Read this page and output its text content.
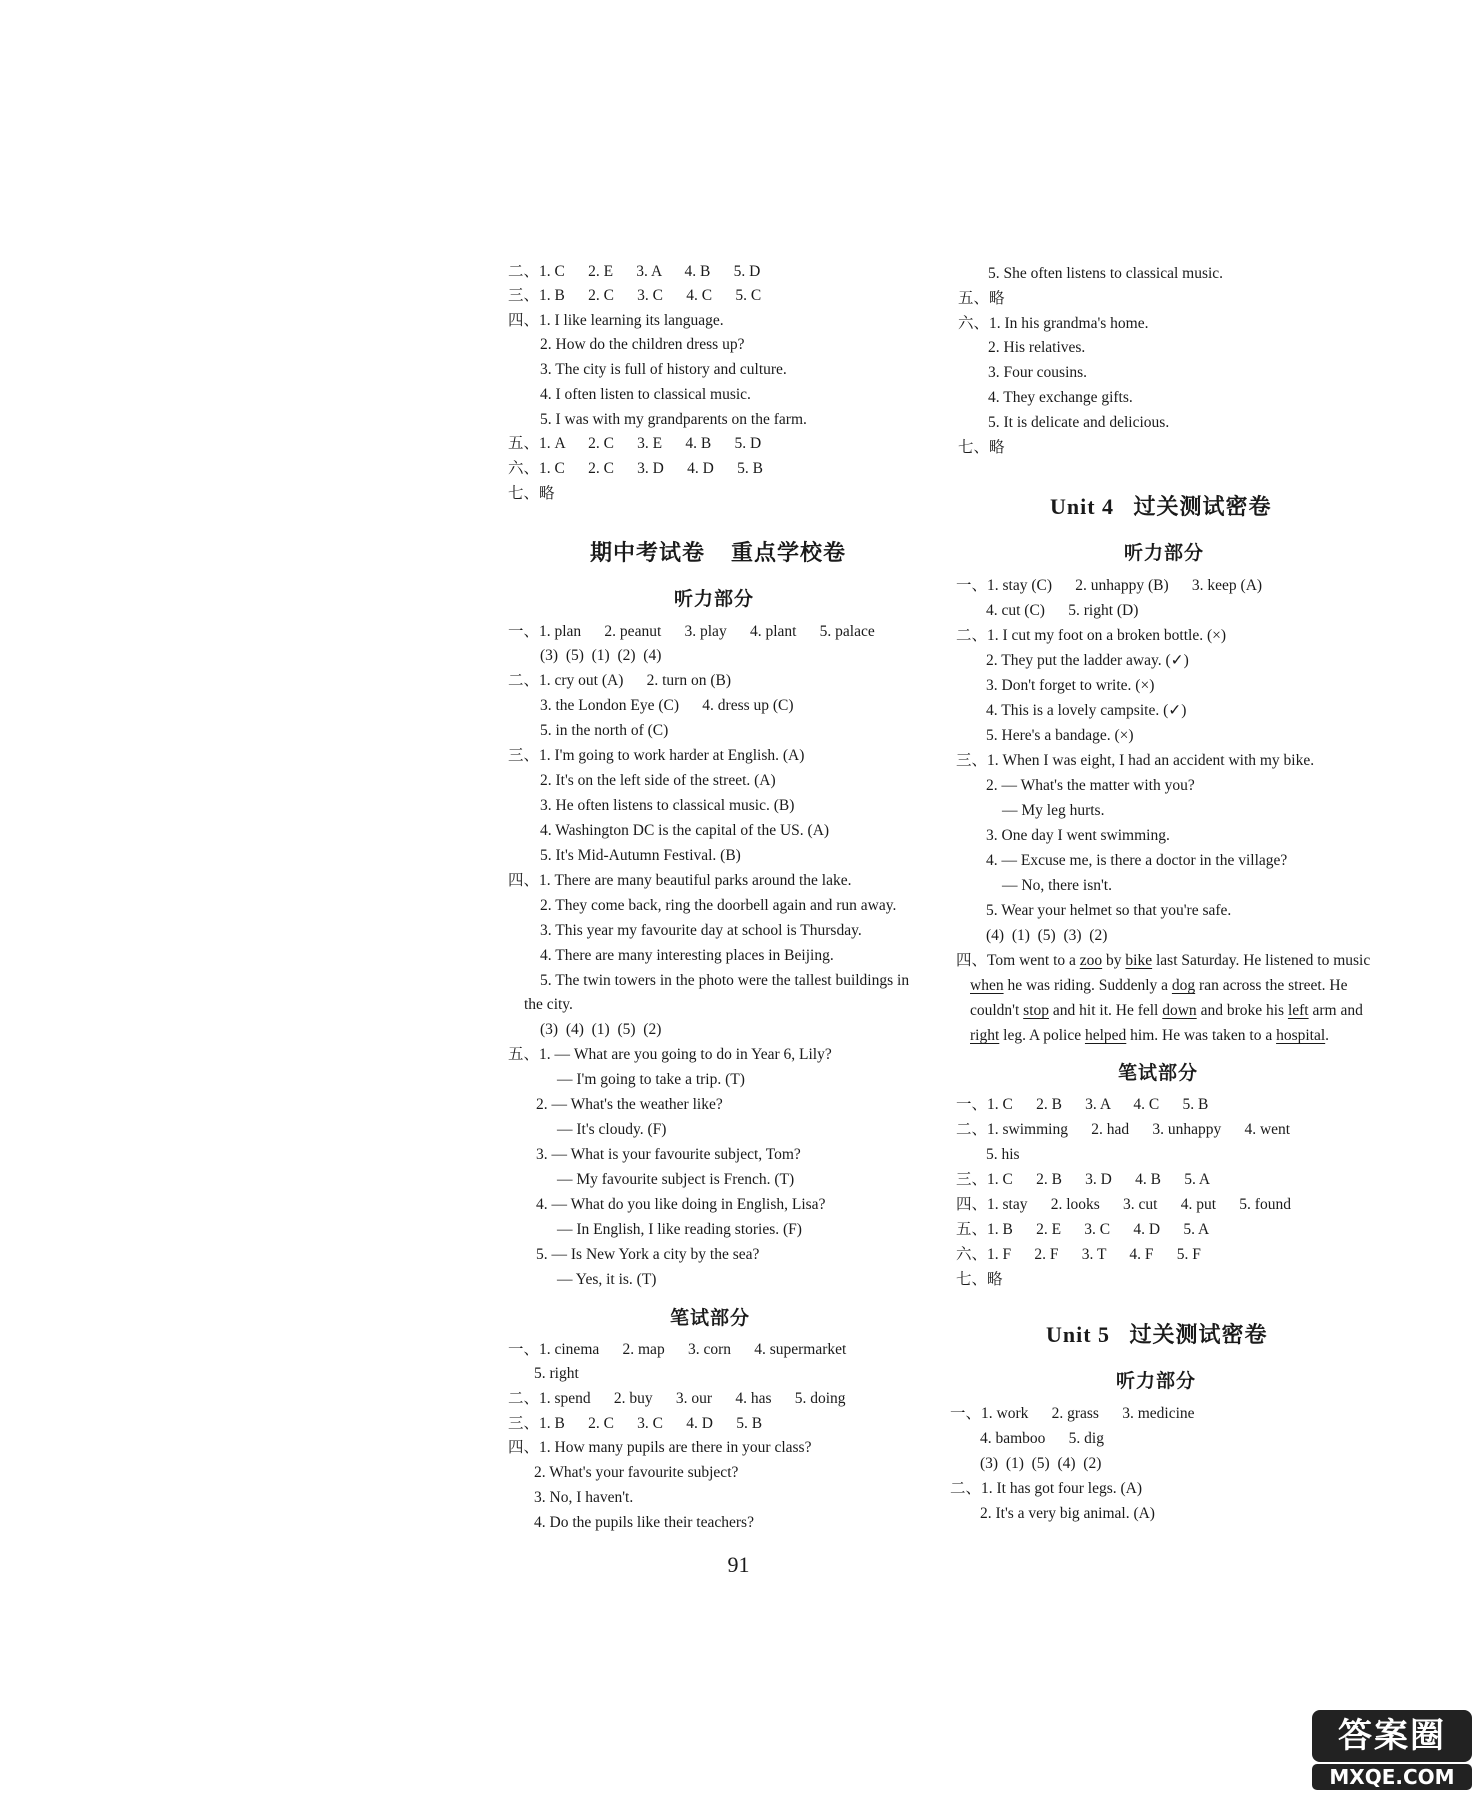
二、1. C      2. E      3. A      4. B      5. D
三、1. B      2. C      3. C      4. C      5. C
四、1. I like learning its language.
2. How do the children dress up?
3. The city is full of history and culture.
4. I often listen to classical music.
5. I was with my grandparents on the farm.
五、1. A      2. C      3. E      4. B      5. D
六、1. C      2. C      3. D      4. D      5. B
七、略
期中考试卷    重点学校卷
听力部分
一、1. plan      2. peanut      3. play      4. plant      5. palace
(3)  (5)  (1)  (2)  (4)
二、1. cry out (A)      2. turn on (B)
3. the London Eye (C)      4. dress up (C)
5. in the north of (C)
三、1. I'm going to work harder at English. (A)
2. It's on the left side of the street. (A)
3. He often listens to classical music. (B)
4. Washington DC is the capital of the US. (A)
5. It's Mid-Autumn Festival. (B)
四、1. There are many beautiful parks around the lake.
2. They come back, ring the doorbell again and run away.
3. This year my favourite day at school is Thursday.
4. There are many interesting places in Beijing.
5. The twin towers in the photo were the tallest buildings in
the city.
(3)  (4)  (1)  (5)  (2)
五、1. — What are you going to do in Year 6, Lily?
— I'm going to take a trip. (T)
2. — What's the weather like?
— It's cloudy. (F)
3. — What is your favourite subject, Tom?
— My favourite subject is French. (T)
4. — What do you like doing in English, Lisa?
— In English, I like reading stories. (F)
5. — Is New York a city by the sea?
— Yes, it is. (T)
笔试部分
一、1. cinema      2. map      3. corn      4. supermarket
5. right
二、1. spend      2. buy      3. our      4. has      5. doing
三、1. B      2. C      3. C      4. D      5. B
四、1. How many pupils are there in your class?
2. What's your favourite subject?
3. No, I haven't.
4. Do the pupils like their teachers?
5. She often listens to classical music.
五、略
六、1. In his grandma's home.
2. His relatives.
3. Four cousins.
4. They exchange gifts.
5. It is delicate and delicious.
七、略
Unit 4   过关测试密卷
听力部分
一、1. stay (C)      2. unhappy (B)      3. keep (A)
4. cut (C)      5. right (D)
二、1. I cut my foot on a broken bottle. (×)
2. They put the ladder away. (✓)
3. Don't forget to write. (×)
4. This is a lovely campsite. (✓)
5. Here's a bandage. (×)
三、1. When I was eight, I had an accident with my bike.
2. — What's the matter with you?
— My leg hurts.
3. One day I went swimming.
4. — Excuse me, is there a doctor in the village?
— No, there isn't.
5. Wear your helmet so that you're safe.
(4)  (1)  (5)  (3)  (2)
四、Tom went to a zoo by bike last Saturday. He listened to music
when he was riding. Suddenly a dog ran across the street. He
couldn't stop and hit it. He fell down and broke his left arm and
right leg. A police helped him. He was taken to a hospital.
笔试部分
一、1. C      2. B      3. A      4. C      5. B
二、1. swimming      2. had      3. unhappy      4. went
5. his
三、1. C      2. B      3. D      4. B      5. A
四、1. stay      2. looks      3. cut      4. put      5. found
五、1. B      2. E      3. C      4. D      5. A
六、1. F      2. F      3. T      4. F      5. F
七、略
Unit 5   过关测试密卷
听力部分
一、1. work      2. grass      3. medicine
4. bamboo      5. dig
(3)  (1)  (5)  (4)  (2)
二、1. It has got four legs. (A)
2. It's a very big animal. (A)
91
答案圈
MXQE.COM
